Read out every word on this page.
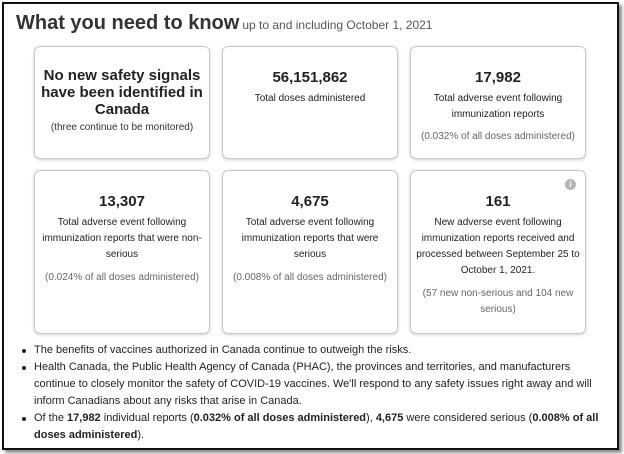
What you need to know up to and including October 1, 2021
No new safety signals have been identified in Canada
(three continue to be monitored)
56,151,862
Total doses administered
17,982
Total adverse event following immunization reports
(0.032% of all doses administered)
13,307
Total adverse event following immunization reports that were non-serious
(0.024% of all doses administered)
4,675
Total adverse event following immunization reports that were serious
(0.008% of all doses administered)
i
161
New adverse event following immunization reports received and processed between September 25 to October 1, 2021.
(57 new non-serious and 104 new serious)
The benefits of vaccines authorized in Canada continue to outweigh the risks.
Health Canada, the Public Health Agency of Canada (PHAC), the provinces and territories, and manufacturers continue to closely monitor the safety of COVID-19 vaccines. We'll respond to any safety issues right away and will inform Canadians about any risks that arise in Canada.
Of the 17,982 individual reports (0.032% of all doses administered), 4,675 were considered serious (0.008% of all doses administered).
